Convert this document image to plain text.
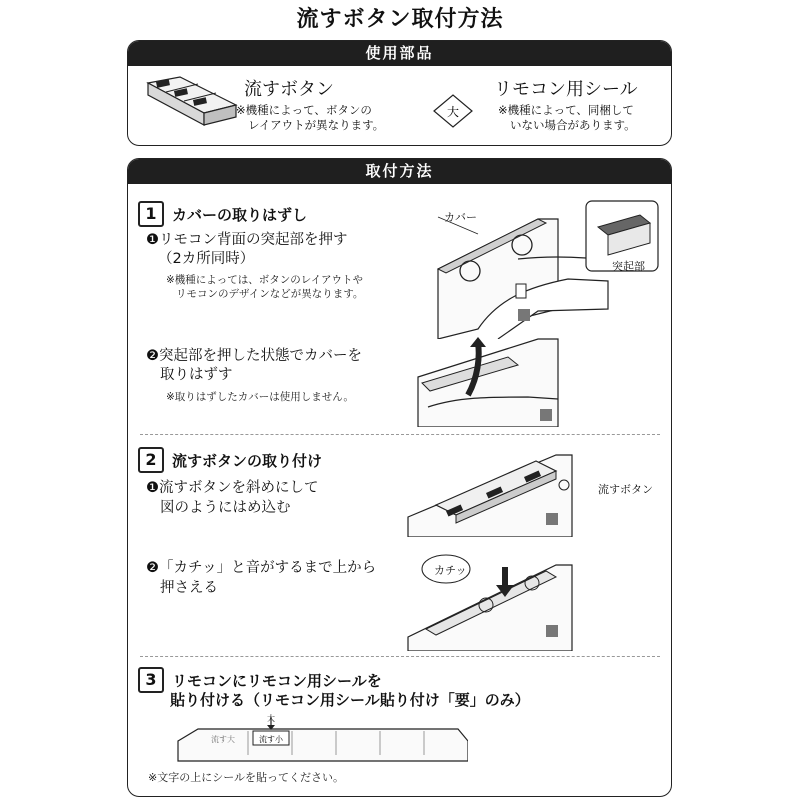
流すボタン取付方法
使用部品
流すボタン
※機種によって、ボタンの
レイアウトが異なります。
大
リモコン用シール
※機種によって、同梱して
いない場合があります。
取付方法
1	カバーの取りはずし
❶リモコン背面の突起部を押す
（2カ所同時）
※機種によっては、ボタンのレイアウトや
リモコンのデザインなどが異なります。
カバー
突起部
❷突起部を押した状態でカバーを
取りはずす
※取りはずしたカバーは使用しません。
2	流すボタンの取り付け
❶流すボタンを斜めにして
図のようにはめ込む
流すボタン
❷「カチッ」と音がするまで上から
押さえる
カチッ
3	リモコンにリモコン用シールを
貼り付ける（リモコン用シール貼り付け「要」のみ）
流す大	流す小
大
※文字の上にシールを貼ってください。
